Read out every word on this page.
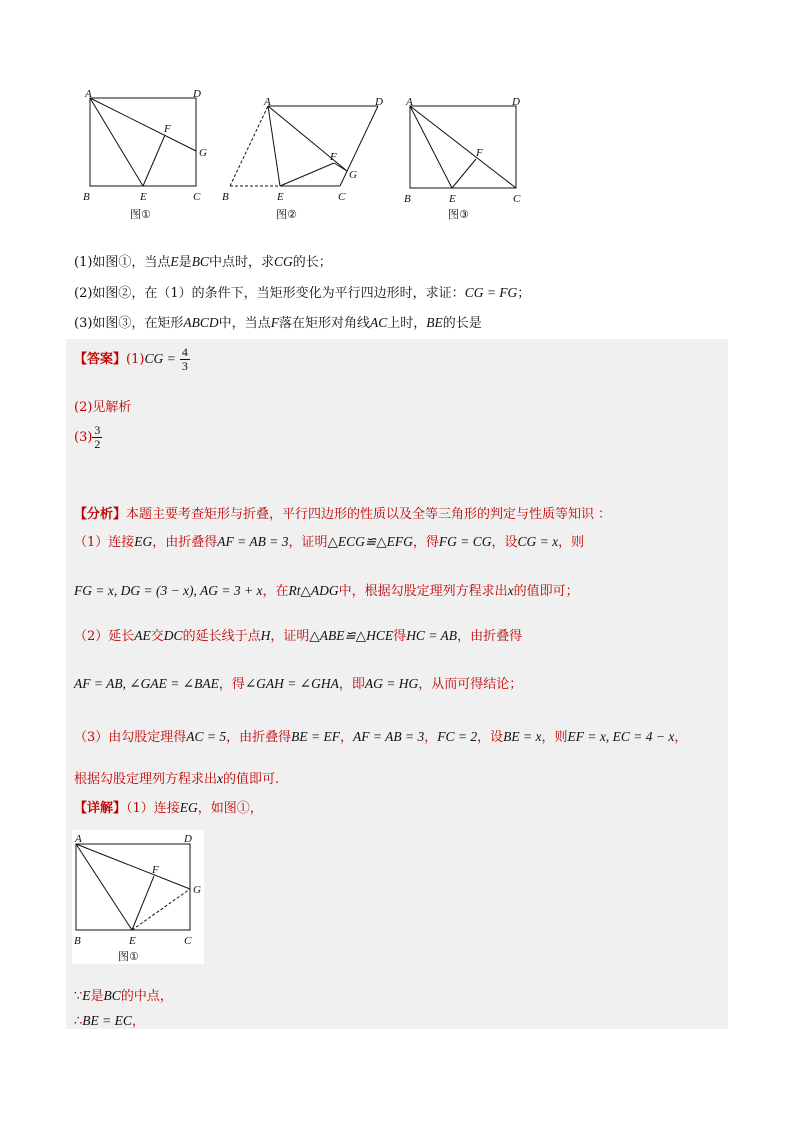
A	D
B	E	C
F
G
图①
A	D
B	E	C
F
G
图②
A	D
B	E	C
F
图③
(1)如图①，当点E是BC中点时，求CG的长；
(2)如图②，在（1）的条件下，当矩形变化为平行四边形时，求证：CG = FG；
(3)如图③，在矩形ABCD中，当点F落在矩形对角线AC上时，BE的长是
【答案】$(1)CG = \frac{4}{3}$
(2)见解析
$(3) \frac{3}{2}$
【分析】本题主要考查矩形与折叠，平行四边形的性质以及全等三角形的判定与性质等知识 ：
（1）连接EG，由折叠得AF = AB = 3，证明△ECG≌△EFG，得FG = CG，设CG = x，则
FG = x, DG = (3 − x), AG = 3 + x，在Rt△ADG中，根据勾股定理列方程求出x的值即可；
（2）延长AE交DC的延长线于点H，证明△ABE≌△HCE得HC = AB，由折叠得
AF = AB, ∠GAE = ∠BAE，得∠GAH = ∠GHA，即AG = HG，从而可得结论；
（3）由勾股定理得AC = 5，由折叠得BE = EF，AF = AB = 3，FC = 2，设BE = x，则EF = x, EC = 4 − x，
根据勾股定理列方程求出x的值即可.
【详解】（1）连接EG，如图①，
A	D
B	E	C
F
G
图①
∵E是BC的中点，
∴BE = EC，
